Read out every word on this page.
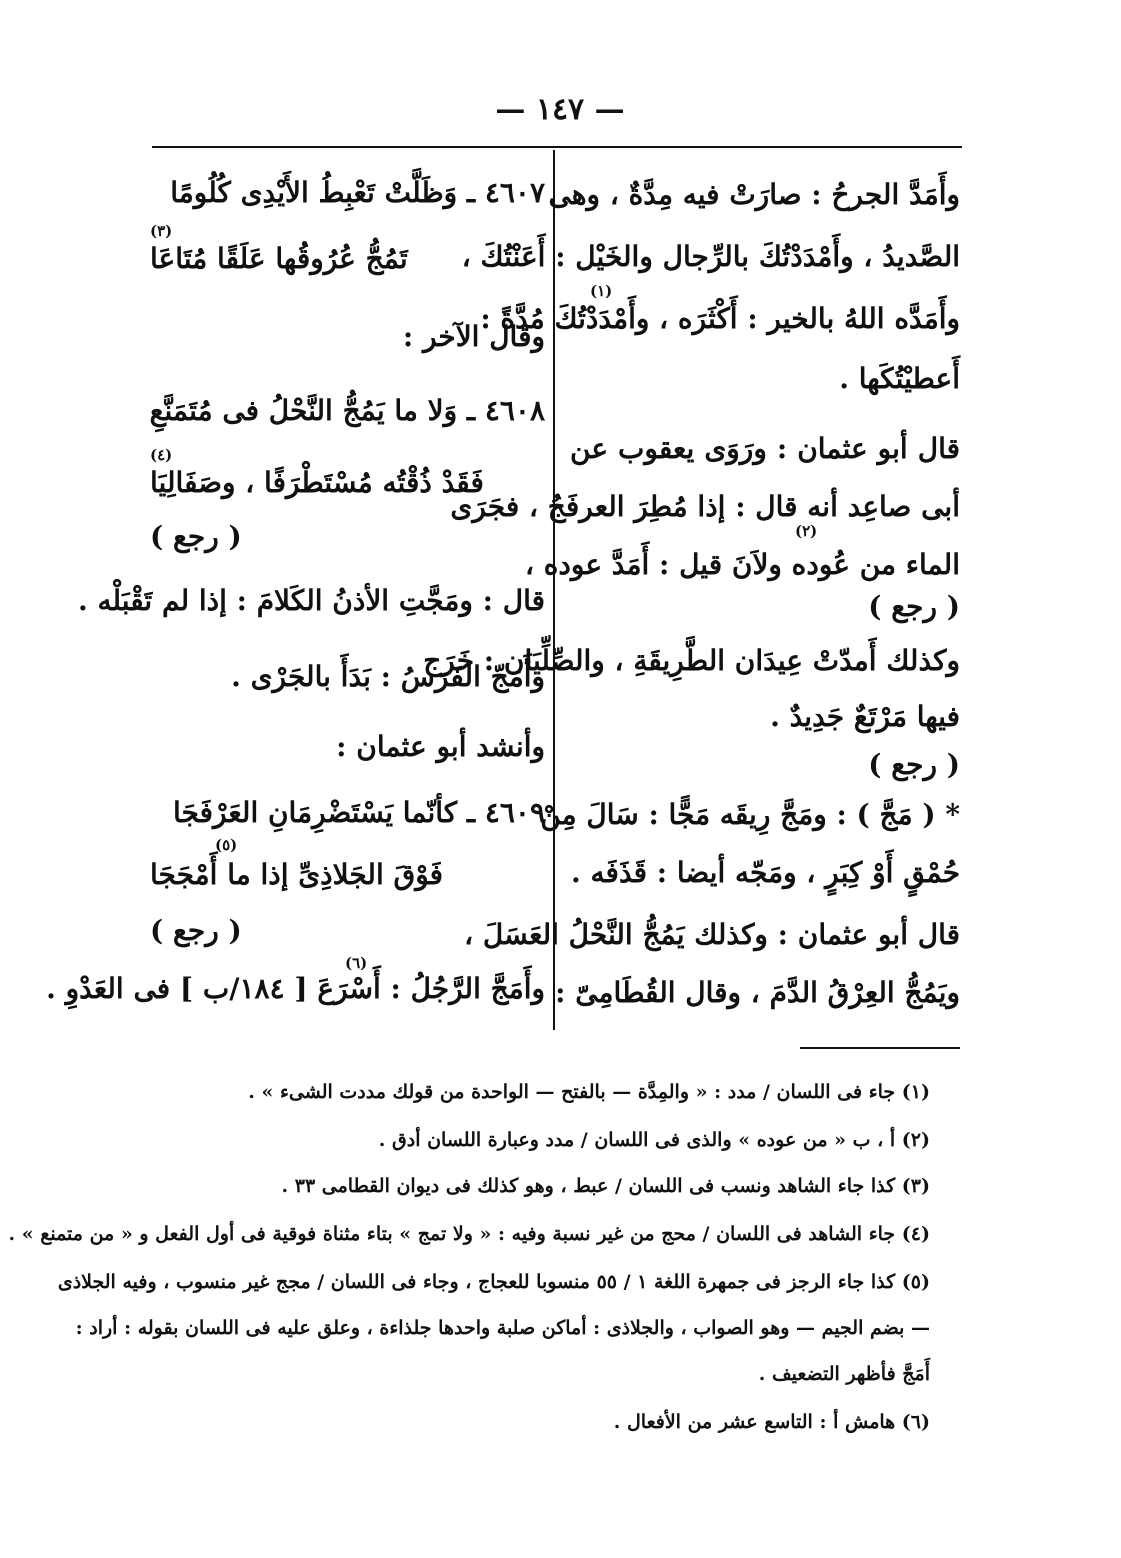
— ١٤٧ —
وأَمَدَّ الجرحُ : صارَتْ فيه مِدَّةٌ ، وهى
الصَّديدُ ، وأَمْدَدْتُكَ بالرِّجال والخَيْل : أَعَنْتُكَ ،
وأَمَدَّه اللهُ بالخير : أَكْثَرَه ، وأَمْدَدْتُكَ مُدَّةً :
أَعطيْتُكَها .
قال أبو عثمان : ورَوَى يعقوب عن
أبى صاعِد أنه قال : إذا مُطِرَ العرفَجُ ، فجَرَى
الماء من عُوده ولاَنَ قيل : أَمَدَّ عوده ،
( رجع )
وكذلك أَمدّتْ عِيدَان الطَّرِيقَةِ ، والصِّلِّيَان : خَرَج
فيها مَرْتَعٌ جَدِيدٌ .
( رجع )
* ( مَجَّ ) : ومَجَّ رِيقَه مَجًّا : سَالَ مِنْ
حُمْقٍ أَوْ كِبَرٍ ، ومَجّه أيضا : قَذَفَه .
قال أبو عثمان : وكذلك يَمُجُّ النَّحْلُ العَسَلَ ،
ويَمُجُّ العِرْقُ الدَّمَ ، وقال القُطَامِىّ :
(١)
(٢)
٤٦٠٧ ـ وَظَلَّتْ تَعْبِطُ الأَيْدِى كُلُومًا
تَمُجُّ عُرُوقُها عَلَقًا مُتَاعَا
وقال الآخر :
٤٦٠٨ ـ وَلا ما يَمُجُّ النَّحْلُ فى مُتَمَنَّعِ
فَقَدْ ذُقْتُه مُسْتَطْرَفًا ، وصَفَالِيَا
( رجع )
قال : ومَجَّتِ الأذنُ الكَلامَ : إذا لم تَقْبَلْه .
وأَمَجّ الفَرَسُ : بَدَأَ بالجَرْى .
وأنشد أبو عثمان :
٤٦٠٩ ـ كأنّما يَسْتَضْرِمَانِ العَرْفَجَا
فَوْقَ الجَلاذِىِّ إذا ما أَمْجَجَا
( رجع )
وأَمَجَّ الرَّجُلُ : أَسْرَعَ [ ١٨٤/ب ] فى العَدْوِ .
(٣)
(٤)
(٥)
(٦)
(١) جاء فى اللسان / مدد : « والمِدَّة — بالفتح — الواحدة من قولك مددت الشىء » .
(٢) أ ، ب « من عوده » والذى فى اللسان / مدد وعبارة اللسان أدق .
(٣) كذا جاء الشاهد ونسب فى اللسان / عبط ، وهو كذلك فى ديوان القطامى ٣٣ .
(٤) جاء الشاهد فى اللسان / محج من غير نسبة وفيه : « ولا تمج » بتاء مثناة فوقية فى أول الفعل و « من متمنع » .
(٥) كذا جاء الرجز فى جمهرة اللغة ١ / ٥٥ منسوبا للعجاج ، وجاء فى اللسان / مجج غير منسوب ، وفيه الجلاذى
— بضم الجيم — وهو الصواب ، والجلاذى : أماكن صلبة واحدها جلذاءة ، وعلق عليه فى اللسان بقوله : أراد :
أَمَجَّ فأظهر التضعيف .
(٦) هامش أ : التاسع عشر من الأفعال .
